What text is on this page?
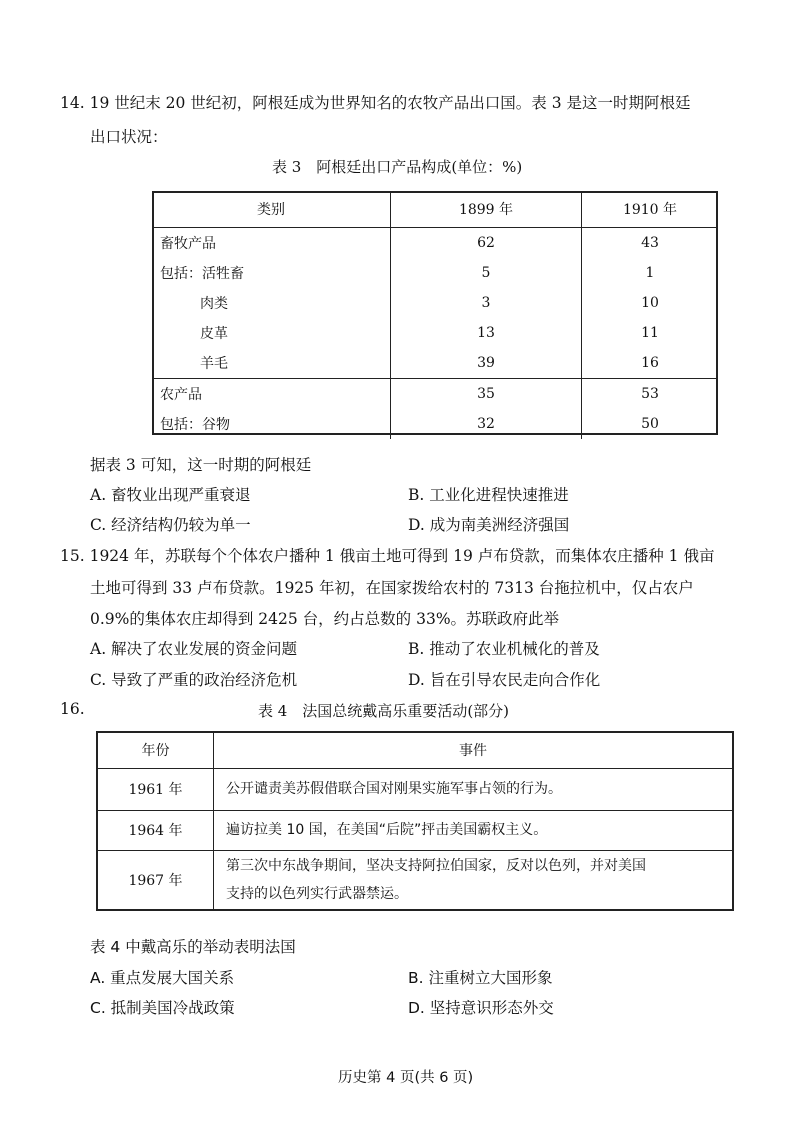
14. 19 世纪末 20 世纪初，阿根廷成为世界知名的农牧产品出口国。表 3 是这一时期阿根廷
出口状况：
表 3　阿根廷出口产品构成(单位：%)
类别	1899 年	1910 年
畜牧产品	62	43
包括：活牲畜	5	1
肉类	3	10
皮革	13	11
羊毛	39	16
农产品	35	53
包括：谷物	32	50
据表 3 可知，这一时期的阿根廷
A. 畜牧业出现严重衰退	B. 工业化进程快速推进
C. 经济结构仍较为单一	D. 成为南美洲经济强国
15. 1924 年，苏联每个个体农户播种 1 俄亩土地可得到 19 卢布贷款，而集体农庄播种 1 俄亩
土地可得到 33 卢布贷款。1925 年初，在国家拨给农村的 7313 台拖拉机中，仅占农户
0.9%的集体农庄却得到 2425 台，约占总数的 33%。苏联政府此举
A. 解决了农业发展的资金问题	B. 推动了农业机械化的普及
C. 导致了严重的政治经济危机	D. 旨在引导农民走向合作化
16.	表 4　法国总统戴高乐重要活动(部分)
年份	事件
1961 年	公开谴责美苏假借联合国对刚果实施军事占领的行为。
1964 年	遍访拉美 10 国，在美国“后院”抨击美国霸权主义。
1967 年	第三次中东战争期间，坚决支持阿拉伯国家，反对以色列，并对美国
支持的以色列实行武器禁运。
表 4 中戴高乐的举动表明法国
A. 重点发展大国关系	B. 注重树立大国形象
C. 抵制美国冷战政策	D. 坚持意识形态外交
历史第 4 页(共 6 页)
